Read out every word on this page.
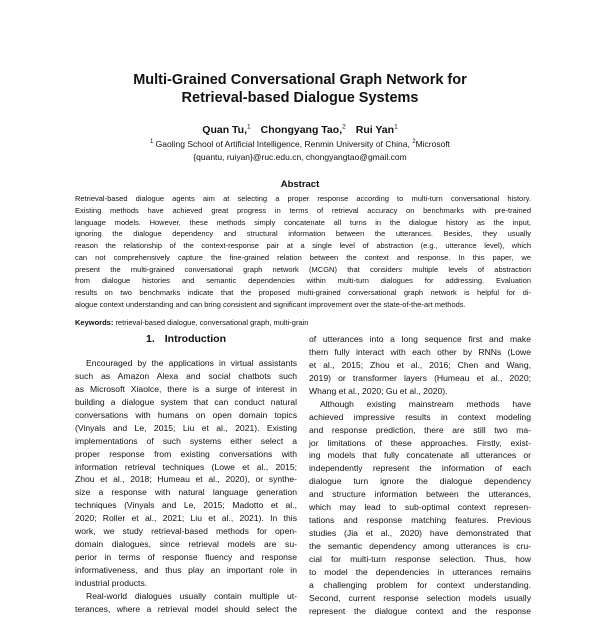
Multi-Grained Conversational Graph Network for
Retrieval-based Dialogue Systems
Quan Tu,$^1$ Chongyang Tao,$^2$ Rui Yan$^1$
$^1$ Gaoling School of Artificial Intelligence, Renmin University of China, $^2$Microsoft
{quantu, ruiyan}@ruc.edu.cn, chongyangtao@gmail.com
Abstract
Retrieval-based dialogue agents aim at selecting a proper response according to multi-turn conversational history.
Existing methods have achieved great progress in terms of retrieval accuracy on benchmarks with pre-trained
language models. However, these methods simply concatenate all turns in the dialogue history as the input,
ignoring the dialogue dependency and structural information between the utterances. Besides, they usually
reason the relationship of the context-response pair at a single level of abstraction (e.g., utterance level), which
can not comprehensively capture the fine-grained relation between the context and response. In this paper, we
present the multi-grained conversational graph network (MCGN) that considers multiple levels of abstraction
from dialogue histories and semantic dependencies within multi-turn dialogues for addressing. Evaluation
results on two benchmarks indicate that the proposed multi-grained conversational graph network is helpful for di-
alogue context understanding and can bring consistent and significant improvement over the state-of-the-art methods.
Keywords: retrieval-based dialogue, conversational graph, multi-grain
1. Introduction
Encouraged by the applications in virtual assistants
such as Amazon Alexa and social chatbots such
as Microsoft Xiaolce, there is a surge of interest in
building a dialogue system that can conduct natural
conversations with humans on open domain topics
(Vinyals and Le, 2015; Liu et al., 2021). Existing
implementations of such systems either select a
proper response from existing conversations with
information retrieval techniques (Lowe et al., 2015;
Zhou et al., 2018; Humeau et al., 2020), or synthe-
size a response with natural language generation
techniques (Vinyals and Le, 2015; Madotto et al.,
2020; Roller et al., 2021; Liu et al., 2021). In this
work, we study retrieval-based methods for open-
domain dialogues, since retrieval models are su-
perior in terms of response fluency and response
informativeness, and thus play an important role in
industrial products.
Real-world dialogues usually contain multiple ut-
terances, where a retrieval model should select the
of utterances into a long sequence first and make
them fully interact with each other by RNNs (Lowe
et al., 2015; Zhou et al., 2016; Chen and Wang,
2019) or transformer layers (Humeau et al., 2020;
Whang et al., 2020; Gu et al., 2020).
Although existing mainstream methods have
achieved impressive results in context modeling
and response prediction, there are still two ma-
jor limitations of these approaches. Firstly, exist-
ing models that fully concatenate all utterances or
independently represent the information of each
dialogue turn ignore the dialogue dependency
and structure information between the utterances,
which may lead to sub-optimal context represen-
tations and response matching features. Previous
studies (Jia et al., 2020) have demonstrated that
the semantic dependency among utterances is cru-
cial for multi-turn response selection. Thus, how
to model the dependencies in utterances remains
a challenging problem for context understanding.
Second, current response selection models usually
represent the dialogue context and the response
